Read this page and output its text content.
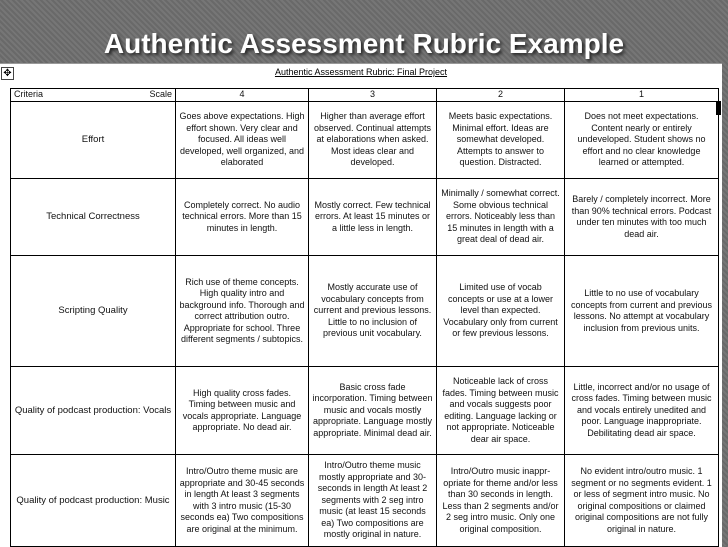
Authentic Assessment Rubric Example
✥	Authentic Assessment Rubric: Final Project
Criteria Scale	4	3	2	1
Effort	Goes above expectations. High effort shown. Very clear and focused. All ideas well developed, well organized, and elaborated	Higher than average effort observed. Continual attempts at elaborations when asked. Most ideas clear and developed.	Meets basic expectations. Minimal effort. Ideas are somewhat developed. Attempts to answer to question. Distracted.	Does not meet expectations. Content nearly or entirely undeveloped. Student shows no effort and no clear knowledge learned or attempted.
Technical Correctness	Completely correct. No audio technical errors. More than 15 minutes in length.	Mostly correct. Few technical errors. At least 15 minutes or a little less in length.	Minimally / somewhat correct. Some obvious technical errors. Noticeably less than 15 minutes in length with a great deal of dead air.	Barely / completely incorrect. More than 90% technical errors. Podcast under ten minutes with too much dead air.
Scripting Quality	Rich use of theme concepts. High quality intro and background info. Thorough and correct attribution outro. Appropriate for school. Three different segments / subtopics.	Mostly accurate use of vocabulary concepts from current and previous lessons. Little to no inclusion of previous unit vocabulary.	Limited use of vocab concepts or use at a lower level than expected. Vocabulary only from current or few previous lessons.	Little to no use of vocabulary concepts from current and previous lessons. No attempt at vocabulary inclusion from previous units.
Quality of podcast production: Vocals	High quality cross fades. Timing between music and vocals appropriate. Language appropriate. No dead air.	Basic cross fade incorporation. Timing between music and vocals mostly appropriate. Language mostly appropriate. Minimal dead air.	Noticeable lack of cross fades. Timing between music and vocals suggests poor editing. Language lacking or not appropriate. Noticeable dear air space.	Little, incorrect and/or no usage of cross fades. Timing between music and vocals entirely unedited and poor. Language inappropriate. Debilitating dead air space.
Quality of podcast production: Music	Intro/Outro theme music are appropriate and 30-45 seconds in length At least 3 segments with 3 intro music (15-30 seconds ea) Two compositions are original at the minimum.	Intro/Outro theme music mostly appropriate and 30-seconds in length At least 2 segments with 2 seg intro music (at least 15 seconds ea) Two compositions are mostly original in nature.	Intro/Outro music inappr-opriate for theme and/or less than 30 seconds in length. Less than 2 segments and/or 2 seg intro music. Only one original composition.	No evident intro/outro music. 1 segment or no segments evident. 1 or less of segment intro music. No original compositions or claimed original compositions are not fully original in nature.
